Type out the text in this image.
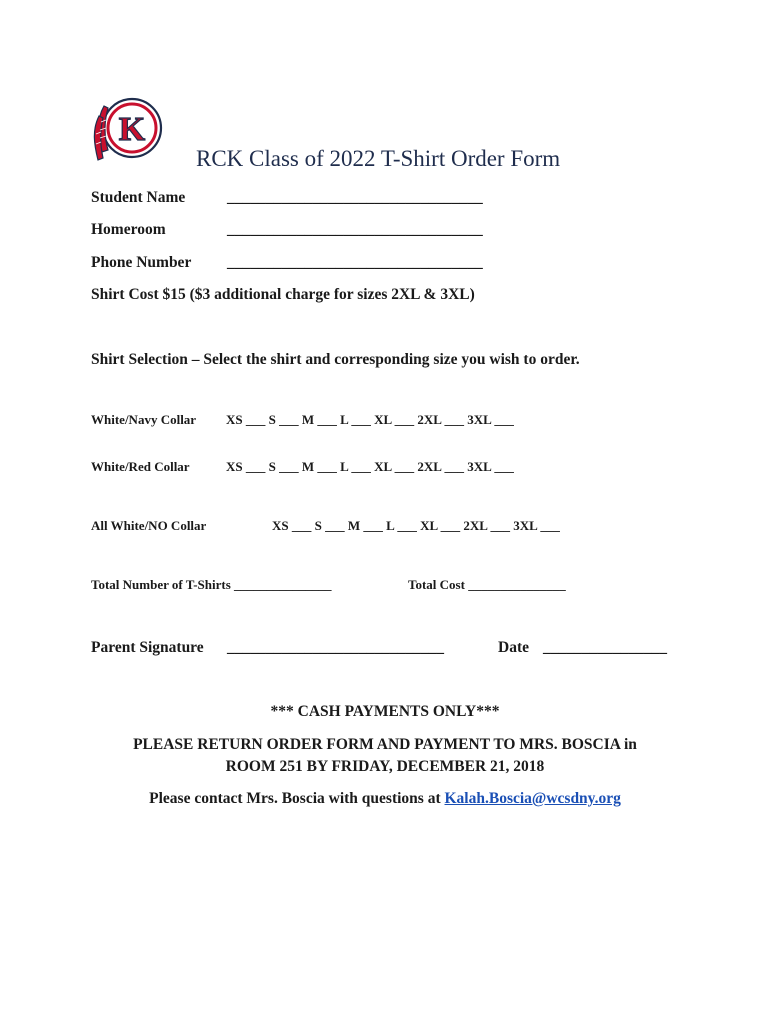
K
RCK Class of 2022 T-Shirt Order Form
Student Name	_________________________________
Homeroom	_________________________________
Phone Number _________________________________
Shirt Cost $15 ($3 additional charge for sizes 2XL & 3XL)
Shirt Selection – Select the shirt and corresponding size you wish to order.
White/Navy Collar XS ___ S ___ M ___ L ___ XL ___ 2XL ___ 3XL ___
White/Red Collar	XS ___ S ___ M ___ L ___ XL ___ 2XL ___ 3XL ___
All White/NO Collar	XS ___ S ___ M ___ L ___ XL ___ 2XL ___ 3XL ___
Total Number of T-Shirts _______________	Total Cost _______________
Parent Signature ____________________________	Date ________________
*** CASH PAYMENTS ONLY***
PLEASE RETURN ORDER FORM AND PAYMENT TO MRS. BOSCIA in
ROOM 251 BY FRIDAY, DECEMBER 21, 2018
Please contact Mrs. Boscia with questions at Kalah.Boscia@wcsdny.org
